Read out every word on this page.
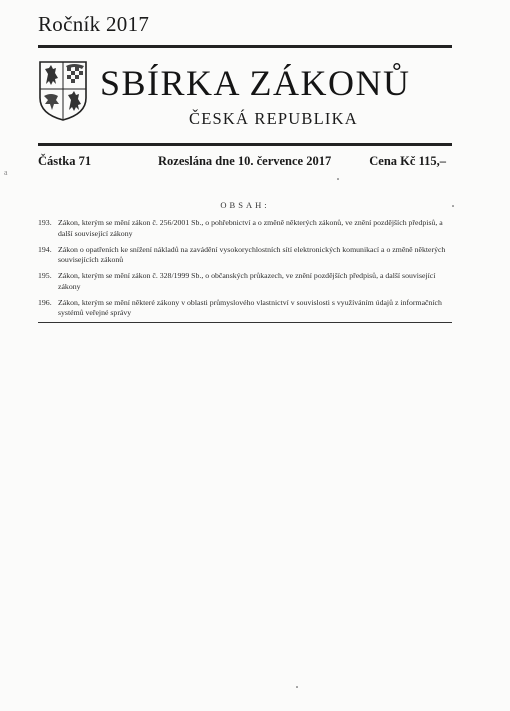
Ročník 2017
SBÍRKA ZÁKONŮ
ČESKÁ REPUBLIKA
Částka 71	Rozeslána dne 10. července 2017	Cena Kč 115,–
a
OBSAH:
193. Zákon, kterým se mění zákon č. 256/2001 Sb., o pohřebnictví a o změně některých zákonů, ve znění pozdějších předpisů, a další související zákony
194. Zákon o opatřeních ke snížení nákladů na zavádění vysokorychlostních sítí elektronických komunikací a o změně některých souvisejících zákonů
195. Zákon, kterým se mění zákon č. 328/1999 Sb., o občanských průkazech, ve znění pozdějších předpisů, a další související zákony
196. Zákon, kterým se mění některé zákony v oblasti průmyslového vlastnictví v souvislosti s využíváním údajů z informačních systémů veřejné správy
